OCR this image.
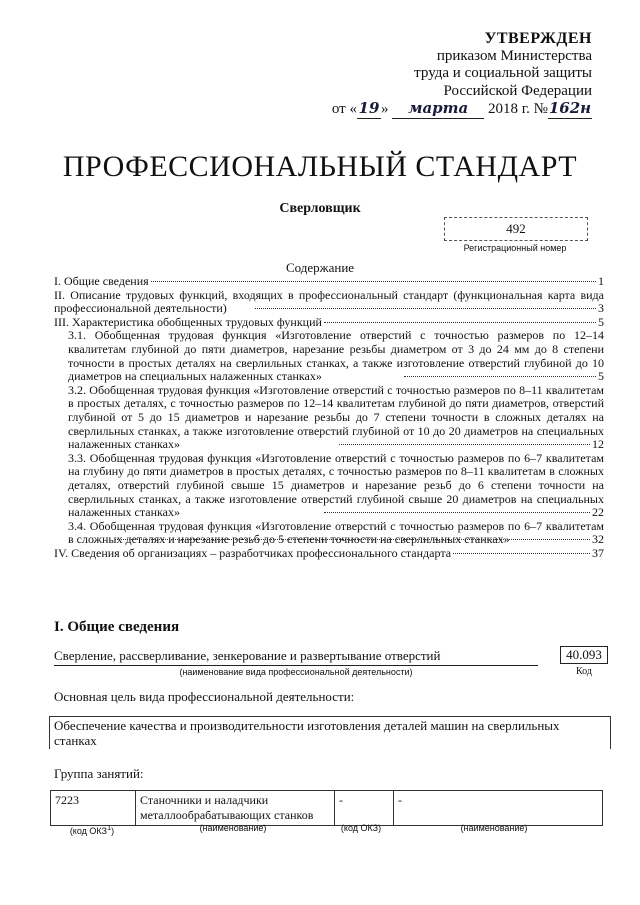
УТВЕРЖДЕН
приказом Министерства
труда и социальной защиты
Российской Федерации
от « 19 » марта 2018 г. №162н
ПРОФЕССИОНАЛЬНЫЙ СТАНДАРТ
Сверловщик
492
Регистрационный номер
Содержание
I. Общие сведения	1
II. Описание трудовых функций, входящих в профессиональный стандарт (функциональная карта вида профессиональной деятельности)	3
III. Характеристика обобщенных трудовых функций	5
3.1. Обобщенная трудовая функция «Изготовление отверстий с точностью размеров по 12–14 квалитетам глубиной до пяти диаметров, нарезание резьбы диаметром от 3 до 24 мм до 8 степени точности в простых деталях на сверлильных станках, а также изготовление отверстий глубиной до 10 диаметров на специальных налаженных станках»	5
3.2. Обобщенная трудовая функция «Изготовление отверстий с точностью размеров по 8–11 квалитетам в простых деталях, с точностью размеров по 12–14 квалитетам глубиной до пяти диаметров, отверстий глубиной от 5 до 15 диаметров и нарезание резьбы до 7 степени точности в сложных деталях на сверлильных станках, а также изготовление отверстий глубиной от 10 до 20 диаметров на специальных налаженных станках»	12
3.3. Обобщенная трудовая функция «Изготовление отверстий с точностью размеров по 6–7 квалитетам на глубину до пяти диаметров в простых деталях, с точностью размеров по 8–11 квалитетам в сложных деталях, отверстий глубиной свыше 15 диаметров и нарезание резьб до 6 степени точности на сверлильных станках, а также изготовление отверстий глубиной свыше 20 диаметров на специальных налаженных станках»	22
3.4. Обобщенная трудовая функция «Изготовление отверстий с точностью размеров по 6–7 квалитетам в сложных деталях и нарезание резьб до 5 степени точности на сверлильных станках»	32
IV. Сведения об организациях – разработчиках профессионального стандарта	37
I. Общие сведения
Сверление, рассверливание, зенкерование и развертывание отверстий	40.093
(наименование вида профессиональной деятельности)	Код
Основная цель вида профессиональной деятельности:
Обеспечение качества и производительности изготовления деталей машин на сверлильных станках
Группа занятий:
7223	Станочники и наладчики металлообрабатывающих станков	-	-
(код ОКЗ$^1$)	(наименование)	(код ОКЗ)	(наименование)
